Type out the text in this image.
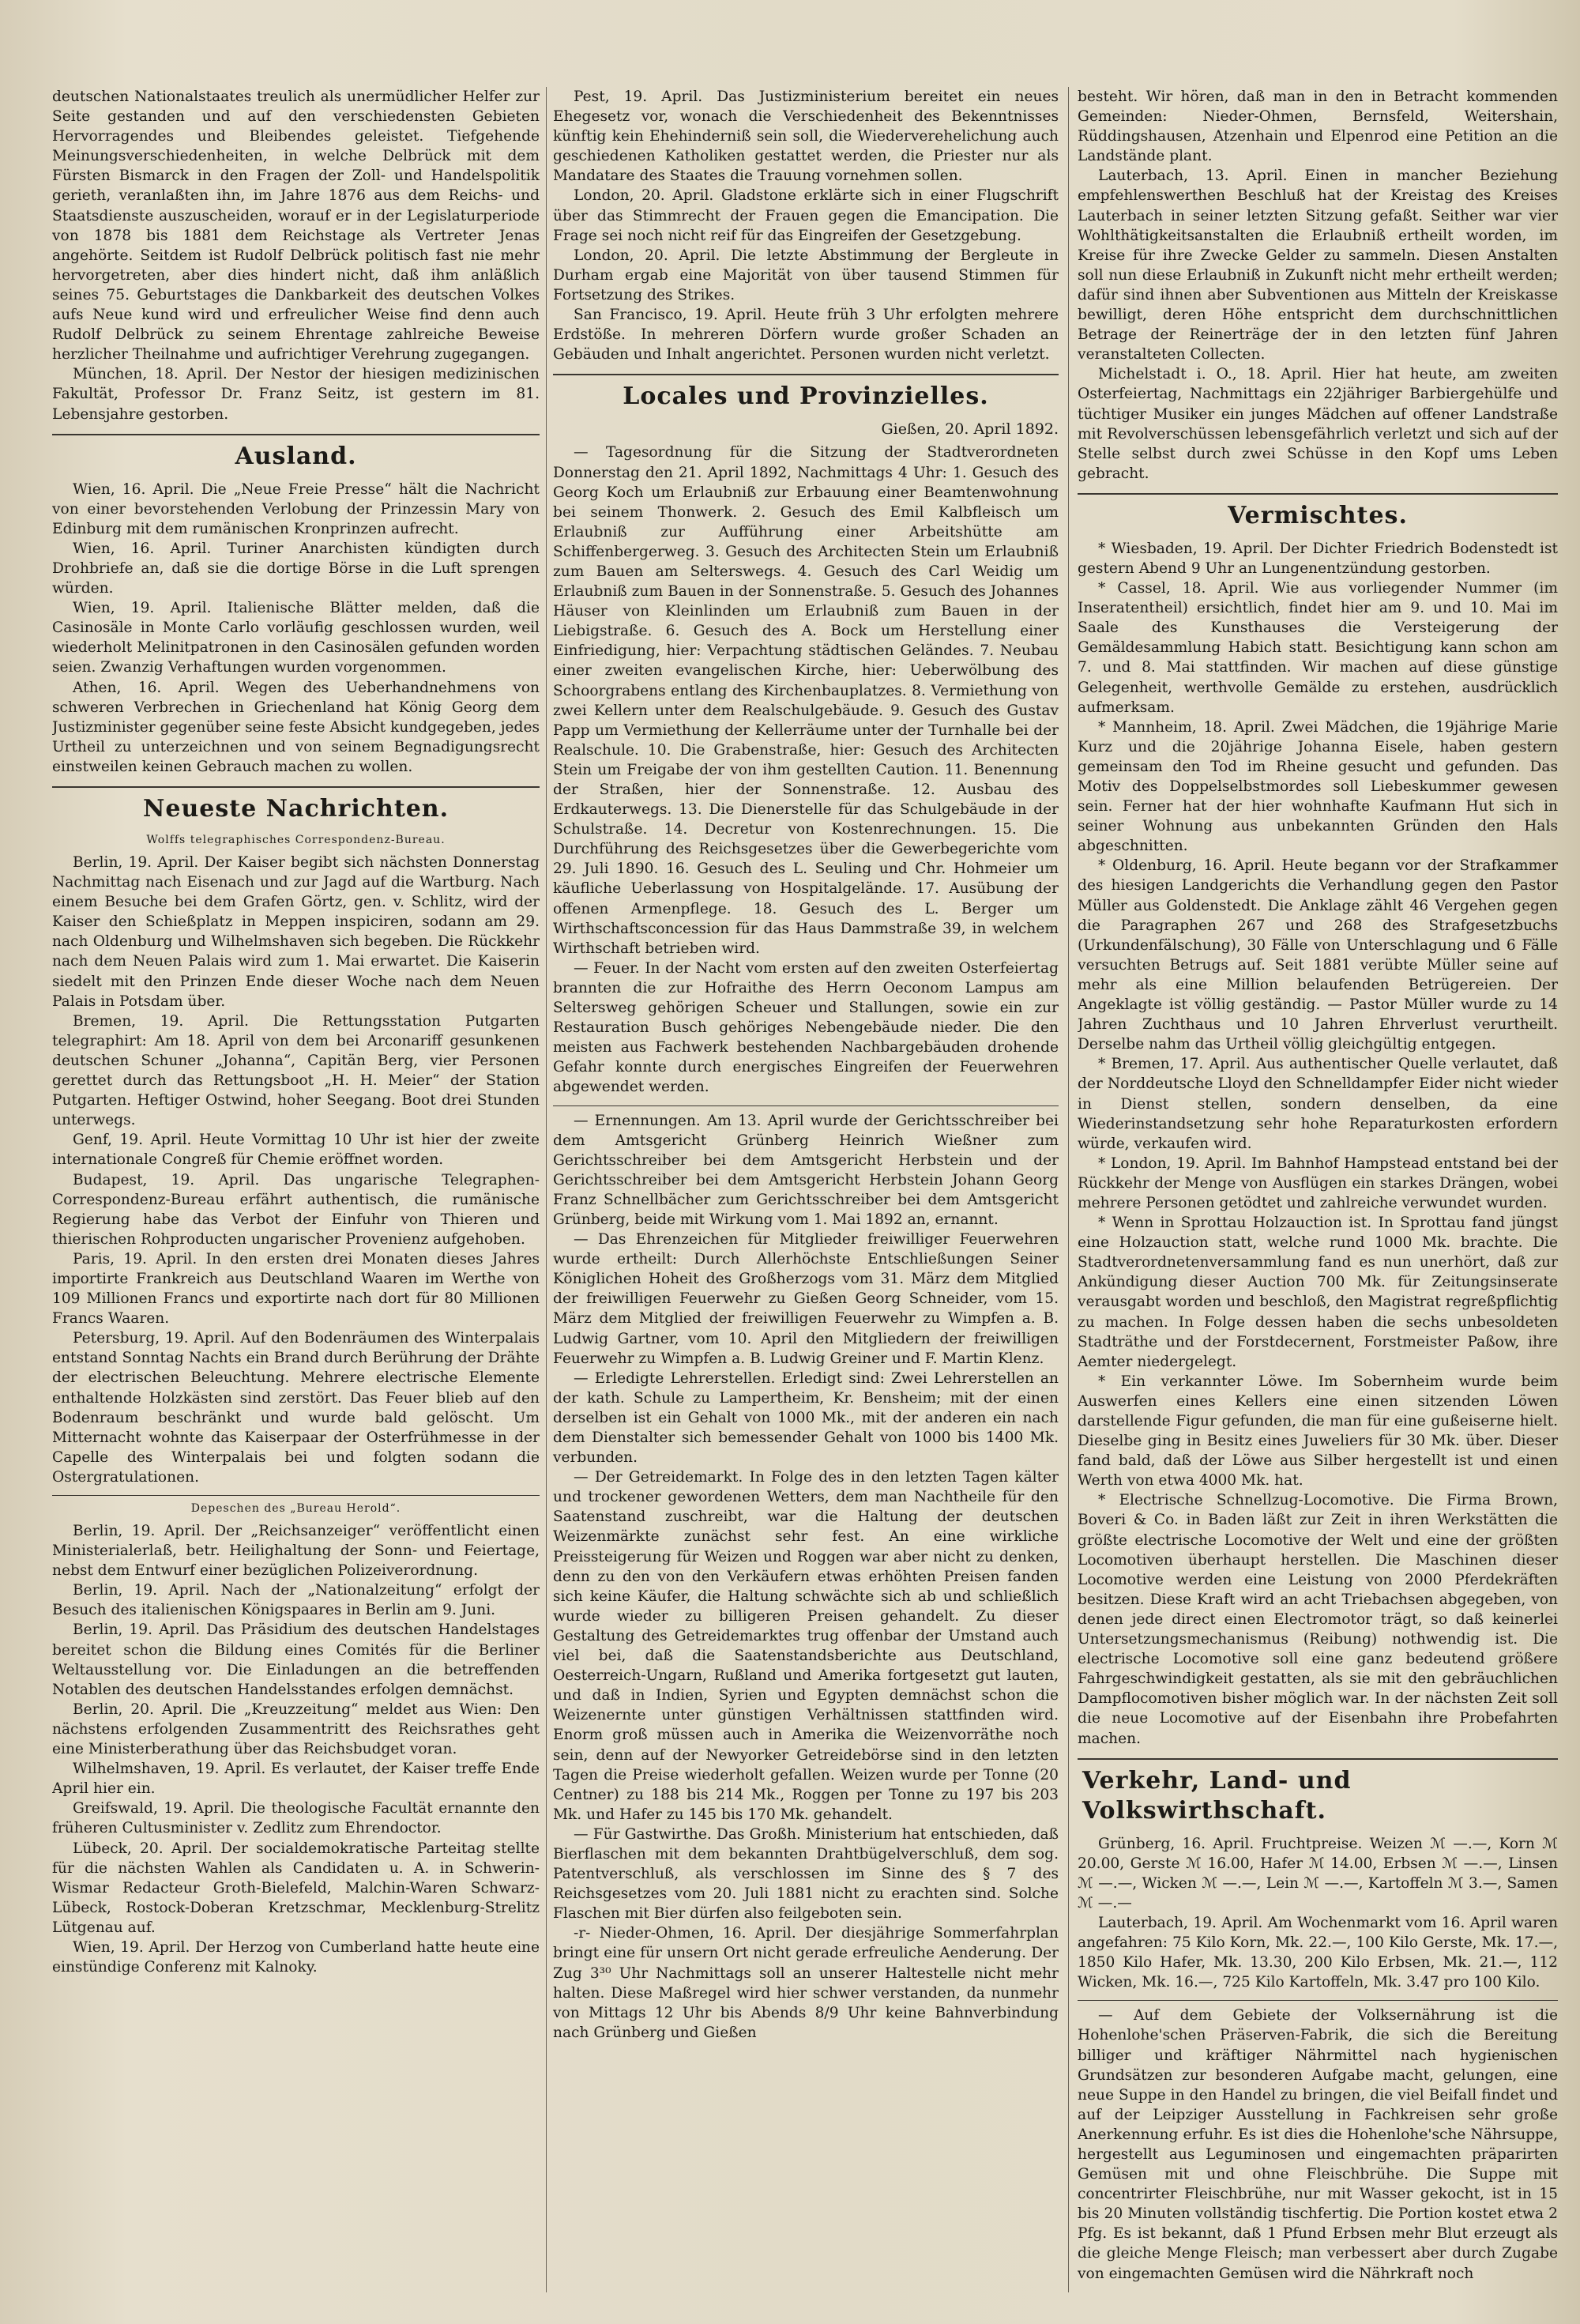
deutschen Nationalstaates treulich als unermüdlicher Helfer zur Seite gestanden und auf den verschiedensten Gebieten Hervorragendes und Bleibendes geleistet. Tiefgehende Meinungsverschiedenheiten, in welche Delbrück mit dem Fürsten Bismarck in den Fragen der Zoll- und Handelspolitik gerieth, veranlaßten ihn, im Jahre 1876 aus dem Reichs- und Staatsdienste auszuscheiden, worauf er in der Legislaturperiode von 1878 bis 1881 dem Reichstage als Vertreter Jenas angehörte. Seitdem ist Rudolf Delbrück politisch fast nie mehr hervorgetreten, aber dies hindert nicht, daß ihm anläßlich seines 75. Geburtstages die Dankbarkeit des deutschen Volkes aufs Neue kund wird und erfreulicher Weise find denn auch Rudolf Delbrück zu seinem Ehrentage zahlreiche Beweise herzlicher Theilnahme und aufrichtiger Verehrung zugegangen.

München, 18. April. Der Nestor der hiesigen medizinischen Fakultät, Professor Dr. Franz Seitz, ist gestern im 81. Lebensjahre gestorben.

Ausland.

Wien, 16. April. Die „Neue Freie Presse“ hält die Nachricht von einer bevorstehenden Verlobung der Prinzessin Mary von Edinburg mit dem rumänischen Kronprinzen aufrecht.

Wien, 16. April. Turiner Anarchisten kündigten durch Drohbriefe an, daß sie die dortige Börse in die Luft sprengen würden.

Wien, 19. April. Italienische Blätter melden, daß die Casinosäle in Monte Carlo vorläufig geschlossen wurden, weil wiederholt Melinitpatronen in den Casinosälen gefunden worden seien. Zwanzig Verhaftungen wurden vorgenommen.

Athen, 16. April. Wegen des Ueberhandnehmens von schweren Verbrechen in Griechenland hat König Georg dem Justizminister gegenüber seine feste Absicht kundgegeben, jedes Urtheil zu unterzeichnen und von seinem Begnadigungsrecht einstweilen keinen Gebrauch machen zu wollen.

Neueste Nachrichten.
Wolffs telegraphisches Correspondenz-Bureau.

Berlin, 19. April. Der Kaiser begibt sich nächsten Donnerstag Nachmittag nach Eisenach und zur Jagd auf die Wartburg. Nach einem Besuche bei dem Grafen Görtz, gen. v. Schlitz, wird der Kaiser den Schießplatz in Meppen inspiciren, sodann am 29. nach Oldenburg und Wilhelmshaven sich begeben. Die Rückkehr nach dem Neuen Palais wird zum 1. Mai erwartet. Die Kaiserin siedelt mit den Prinzen Ende dieser Woche nach dem Neuen Palais in Potsdam über.

Bremen, 19. April. Die Rettungsstation Putgarten telegraphirt: Am 18. April von dem bei Arconariff gesunkenen deutschen Schuner „Johanna“, Capitän Berg, vier Personen gerettet durch das Rettungsboot „H. H. Meier“ der Station Putgarten. Heftiger Ostwind, hoher Seegang. Boot drei Stunden unterwegs.

Genf, 19. April. Heute Vormittag 10 Uhr ist hier der zweite internationale Congreß für Chemie eröffnet worden.

Budapest, 19. April. Das ungarische Telegraphen-Correspondenz-Bureau erfährt authentisch, die rumänische Regierung habe das Verbot der Einfuhr von Thieren und thierischen Rohproducten ungarischer Provenienz aufgehoben.

Paris, 19. April. In den ersten drei Monaten dieses Jahres importirte Frankreich aus Deutschland Waaren im Werthe von 109 Millionen Francs und exportirte nach dort für 80 Millionen Francs Waaren.

Petersburg, 19. April. Auf den Bodenräumen des Winterpalais entstand Sonntag Nachts ein Brand durch Berührung der Drähte der electrischen Beleuchtung. Mehrere electrische Elemente enthaltende Holzkästen sind zerstört. Das Feuer blieb auf den Bodenraum beschränkt und wurde bald gelöscht. Um Mitternacht wohnte das Kaiserpaar der Osterfrühmesse in der Capelle des Winterpalais bei und folgten sodann die Ostergratulationen.

Depeschen des „Bureau Herold“.

Berlin, 19. April. Der „Reichsanzeiger“ veröffentlicht einen Ministerialerlaß, betr. Heilighaltung der Sonn- und Feiertage, nebst dem Entwurf einer bezüglichen Polizeiverordnung.

Berlin, 19. April. Nach der „Nationalzeitung“ erfolgt der Besuch des italienischen Königspaares in Berlin am 9. Juni.

Berlin, 19. April. Das Präsidium des deutschen Handelstages bereitet schon die Bildung eines Comités für die Berliner Weltausstellung vor. Die Einladungen an die betreffenden Notablen des deutschen Handelsstandes erfolgen demnächst.

Berlin, 20. April. Die „Kreuzzeitung“ meldet aus Wien: Den nächstens erfolgenden Zusammentritt des Reichsrathes geht eine Ministerberathung über das Reichsbudget voran.

Wilhelmshaven, 19. April. Es verlautet, der Kaiser treffe Ende April hier ein.

Greifswald, 19. April. Die theologische Facultät ernannte den früheren Cultusminister v. Zedlitz zum Ehrendoctor.

Lübeck, 20. April. Der socialdemokratische Parteitag stellte für die nächsten Wahlen als Candidaten u. A. in Schwerin-Wismar Redacteur Groth-Bielefeld, Malchin-Waren Schwarz-Lübeck, Rostock-Doberan Kretzschmar, Mecklenburg-Strelitz Lütgenau auf.

Wien, 19. April. Der Herzog von Cumberland hatte heute eine einstündige Conferenz mit Kalnoky.

Pest, 19. April. Das Justizministerium bereitet ein neues Ehegesetz vor, wonach die Verschiedenheit des Bekenntnisses künftig kein Ehehinderniß sein soll, die Wiederverehelichung auch geschiedenen Katholiken gestattet werden, die Priester nur als Mandatare des Staates die Trauung vornehmen sollen.

London, 20. April. Gladstone erklärte sich in einer Flugschrift über das Stimmrecht der Frauen gegen die Emancipation. Die Frage sei noch nicht reif für das Eingreifen der Gesetzgebung.

London, 20. April. Die letzte Abstimmung der Bergleute in Durham ergab eine Majorität von über tausend Stimmen für Fortsetzung des Strikes.

San Francisco, 19. April. Heute früh 3 Uhr erfolgten mehrere Erdstöße. In mehreren Dörfern wurde großer Schaden an Gebäuden und Inhalt angerichtet. Personen wurden nicht verletzt.

Locales und Provinzielles.
Gießen, 20. April 1892.

— Tagesordnung für die Sitzung der Stadtverordneten Donnerstag den 21. April 1892, Nachmittags 4 Uhr: 1. Gesuch des Georg Koch um Erlaubniß zur Erbauung einer Beamtenwohnung bei seinem Thonwerk. 2. Gesuch des Emil Kalbfleisch um Erlaubniß zur Aufführung einer Arbeitshütte am Schiffenbergerweg. 3. Gesuch des Architecten Stein um Erlaubniß zum Bauen am Selterswegs. 4. Gesuch des Carl Weidig um Erlaubniß zum Bauen in der Sonnenstraße. 5. Gesuch des Johannes Häuser von Kleinlinden um Erlaubniß zum Bauen in der Liebigstraße. 6. Gesuch des A. Bock um Herstellung einer Einfriedigung, hier: Verpachtung städtischen Geländes. 7. Neubau einer zweiten evangelischen Kirche, hier: Ueberwölbung des Schoorgrabens entlang des Kirchenbauplatzes. 8. Vermiethung von zwei Kellern unter dem Realschulgebäude. 9. Gesuch des Gustav Papp um Vermiethung der Kellerräume unter der Turnhalle bei der Realschule. 10. Die Grabenstraße, hier: Gesuch des Architecten Stein um Freigabe der von ihm gestellten Caution. 11. Benennung der Straßen, hier der Sonnenstraße. 12. Ausbau des Erdkauterwegs. 13. Die Dienerstelle für das Schulgebäude in der Schulstraße. 14. Decretur von Kostenrechnungen. 15. Die Durchführung des Reichsgesetzes über die Gewerbegerichte vom 29. Juli 1890. 16. Gesuch des L. Seuling und Chr. Hohmeier um käufliche Ueberlassung von Hospitalgelände. 17. Ausübung der offenen Armenpflege. 18. Gesuch des L. Berger um Wirthschaftsconcession für das Haus Dammstraße 39, in welchem Wirthschaft betrieben wird.

— Feuer. In der Nacht vom ersten auf den zweiten Osterfeiertag brannten die zur Hofraithe des Herrn Oeconom Lampus am Seltersweg gehörigen Scheuer und Stallungen, sowie ein zur Restauration Busch gehöriges Nebengebäude nieder. Die den meisten aus Fachwerk bestehenden Nachbargebäuden drohende Gefahr konnte durch energisches Eingreifen der Feuerwehren abgewendet werden.

— Ernennungen. Am 13. April wurde der Gerichtsschreiber bei dem Amtsgericht Grünberg Heinrich Wießner zum Gerichtsschreiber bei dem Amtsgericht Herbstein und der Gerichtsschreiber bei dem Amtsgericht Herbstein Johann Georg Franz Schnellbächer zum Gerichtsschreiber bei dem Amtsgericht Grünberg, beide mit Wirkung vom 1. Mai 1892 an, ernannt.

— Das Ehrenzeichen für Mitglieder freiwilliger Feuerwehren wurde ertheilt: Durch Allerhöchste Entschließungen Seiner Königlichen Hoheit des Großherzogs vom 31. März dem Mitglied der freiwilligen Feuerwehr zu Gießen Georg Schneider, vom 15. März dem Mitglied der freiwilligen Feuerwehr zu Wimpfen a. B. Ludwig Gartner, vom 10. April den Mitgliedern der freiwilligen Feuerwehr zu Wimpfen a. B. Ludwig Greiner und F. Martin Klenz.

— Erledigte Lehrerstellen. Erledigt sind: Zwei Lehrerstellen an der kath. Schule zu Lampertheim, Kr. Bensheim; mit der einen derselben ist ein Gehalt von 1000 Mk., mit der anderen ein nach dem Dienstalter sich bemessender Gehalt von 1000 bis 1400 Mk. verbunden.

— Der Getreidemarkt. In Folge des in den letzten Tagen kälter und trockener gewordenen Wetters, dem man Nachtheile für den Saatenstand zuschreibt, war die Haltung der deutschen Weizenmärkte zunächst sehr fest. An eine wirkliche Preissteigerung für Weizen und Roggen war aber nicht zu denken, denn zu den von den Verkäufern etwas erhöhten Preisen fanden sich keine Käufer, die Haltung schwächte sich ab und schließlich wurde wieder zu billigeren Preisen gehandelt. Zu dieser Gestaltung des Getreidemarktes trug offenbar der Umstand auch viel bei, daß die Saatenstandsberichte aus Deutschland, Oesterreich-Ungarn, Rußland und Amerika fortgesetzt gut lauten, und daß in Indien, Syrien und Egypten demnächst schon die Weizenernte unter günstigen Verhältnissen stattfinden wird. Enorm groß müssen auch in Amerika die Weizenvorräthe noch sein, denn auf der Newyorker Getreidebörse sind in den letzten Tagen die Preise wiederholt gefallen. Weizen wurde per Tonne (20 Centner) zu 188 bis 214 Mk., Roggen per Tonne zu 197 bis 203 Mk. und Hafer zu 145 bis 170 Mk. gehandelt.

— Für Gastwirthe. Das Großh. Ministerium hat entschieden, daß Bierflaschen mit dem bekannten Drahtbügelverschluß, dem sog. Patentverschluß, als verschlossen im Sinne des § 7 des Reichsgesetzes vom 20. Juli 1881 nicht zu erachten sind. Solche Flaschen mit Bier dürfen also feilgeboten sein.

-r- Nieder-Ohmen, 16. April. Der diesjährige Sommerfahrplan bringt eine für unsern Ort nicht gerade erfreuliche Aenderung. Der Zug 3³⁰ Uhr Nachmittags soll an unserer Haltestelle nicht mehr halten. Diese Maßregel wird hier schwer verstanden, da nunmehr von Mittags 12 Uhr bis Abends 8/9 Uhr keine Bahnverbindung nach Grünberg und Gießen

besteht. Wir hören, daß man in den in Betracht kommenden Gemeinden: Nieder-Ohmen, Bernsfeld, Weitershain, Rüddingshausen, Atzenhain und Elpenrod eine Petition an die Landstände plant.

Lauterbach, 13. April. Einen in mancher Beziehung empfehlenswerthen Beschluß hat der Kreistag des Kreises Lauterbach in seiner letzten Sitzung gefaßt. Seither war vier Wohlthätigkeitsanstalten die Erlaubniß ertheilt worden, im Kreise für ihre Zwecke Gelder zu sammeln. Diesen Anstalten soll nun diese Erlaubniß in Zukunft nicht mehr ertheilt werden; dafür sind ihnen aber Subventionen aus Mitteln der Kreiskasse bewilligt, deren Höhe entspricht dem durchschnittlichen Betrage der Reinerträge der in den letzten fünf Jahren veranstalteten Collecten.

Michelstadt i. O., 18. April. Hier hat heute, am zweiten Osterfeiertag, Nachmittags ein 22jähriger Barbiergehülfe und tüchtiger Musiker ein junges Mädchen auf offener Landstraße mit Revolverschüssen lebensgefährlich verletzt und sich auf der Stelle selbst durch zwei Schüsse in den Kopf ums Leben gebracht.

Vermischtes.

* Wiesbaden, 19. April. Der Dichter Friedrich Bodenstedt ist gestern Abend 9 Uhr an Lungenentzündung gestorben.

* Cassel, 18. April. Wie aus vorliegender Nummer (im Inseratentheil) ersichtlich, findet hier am 9. und 10. Mai im Saale des Kunsthauses die Versteigerung der Gemäldesammlung Habich statt. Besichtigung kann schon am 7. und 8. Mai stattfinden. Wir machen auf diese günstige Gelegenheit, werthvolle Gemälde zu erstehen, ausdrücklich aufmerksam.

* Mannheim, 18. April. Zwei Mädchen, die 19jährige Marie Kurz und die 20jährige Johanna Eisele, haben gestern gemeinsam den Tod im Rheine gesucht und gefunden. Das Motiv des Doppelselbstmordes soll Liebeskummer gewesen sein. Ferner hat der hier wohnhafte Kaufmann Hut sich in seiner Wohnung aus unbekannten Gründen den Hals abgeschnitten.

* Oldenburg, 16. April. Heute begann vor der Strafkammer des hiesigen Landgerichts die Verhandlung gegen den Pastor Müller aus Goldenstedt. Die Anklage zählt 46 Vergehen gegen die Paragraphen 267 und 268 des Strafgesetzbuchs (Urkundenfälschung), 30 Fälle von Unterschlagung und 6 Fälle versuchten Betrugs auf. Seit 1881 verübte Müller seine auf mehr als eine Million belaufenden Betrügereien. Der Angeklagte ist völlig geständig. — Pastor Müller wurde zu 14 Jahren Zuchthaus und 10 Jahren Ehrverlust verurtheilt. Derselbe nahm das Urtheil völlig gleichgültig entgegen.

* Bremen, 17. April. Aus authentischer Quelle verlautet, daß der Norddeutsche Lloyd den Schnelldampfer Eider nicht wieder in Dienst stellen, sondern denselben, da eine Wiederinstandsetzung sehr hohe Reparaturkosten erfordern würde, verkaufen wird.

* London, 19. April. Im Bahnhof Hampstead entstand bei der Rückkehr der Menge von Ausflügen ein starkes Drängen, wobei mehrere Personen getödtet und zahlreiche verwundet wurden.

* Wenn in Sprottau Holzauction ist. In Sprottau fand jüngst eine Holzauction statt, welche rund 1000 Mk. brachte. Die Stadtverordnetenversammlung fand es nun unerhört, daß zur Ankündigung dieser Auction 700 Mk. für Zeitungsinserate verausgabt worden und beschloß, den Magistrat regreßpflichtig zu machen. In Folge dessen haben die sechs unbesoldeten Stadträthe und der Forstdecernent, Forstmeister Paßow, ihre Aemter niedergelegt.

* Ein verkannter Löwe. Im Sobernheim wurde beim Auswerfen eines Kellers eine einen sitzenden Löwen darstellende Figur gefunden, die man für eine gußeiserne hielt. Dieselbe ging in Besitz eines Juweliers für 30 Mk. über. Dieser fand bald, daß der Löwe aus Silber hergestellt ist und einen Werth von etwa 4000 Mk. hat.

* Electrische Schnellzug-Locomotive. Die Firma Brown, Boveri & Co. in Baden läßt zur Zeit in ihren Werkstätten die größte electrische Locomotive der Welt und eine der größten Locomotiven überhaupt herstellen. Die Maschinen dieser Locomotive werden eine Leistung von 2000 Pferdekräften besitzen. Diese Kraft wird an acht Triebachsen abgegeben, von denen jede direct einen Electromotor trägt, so daß keinerlei Untersetzungsmechanismus (Reibung) nothwendig ist. Die electrische Locomotive soll eine ganz bedeutend größere Fahrgeschwindigkeit gestatten, als sie mit den gebräuchlichen Dampflocomotiven bisher möglich war. In der nächsten Zeit soll die neue Locomotive auf der Eisenbahn ihre Probefahrten machen.

Verkehr, Land- und Volkswirthschaft.

Grünberg, 16. April. Fruchtpreise. Weizen ℳ —.—, Korn ℳ 20.00, Gerste ℳ 16.00, Hafer ℳ 14.00, Erbsen ℳ —.—, Linsen ℳ —.—, Wicken ℳ —.—, Lein ℳ —.—, Kartoffeln ℳ 3.—, Samen ℳ —.—

Lauterbach, 19. April. Am Wochenmarkt vom 16. April waren angefahren: 75 Kilo Korn, Mk. 22.—, 100 Kilo Gerste, Mk. 17.—, 1850 Kilo Hafer, Mk. 13.30, 200 Kilo Erbsen, Mk. 21.—, 112 Wicken, Mk. 16.—, 725 Kilo Kartoffeln, Mk. 3.47 pro 100 Kilo.

— Auf dem Gebiete der Volksernährung ist die Hohenlohe'schen Präserven-Fabrik, die sich die Bereitung billiger und kräftiger Nährmittel nach hygienischen Grundsätzen zur besonderen Aufgabe macht, gelungen, eine neue Suppe in den Handel zu bringen, die viel Beifall findet und auf der Leipziger Ausstellung in Fachkreisen sehr große Anerkennung erfuhr. Es ist dies die Hohenlohe'sche Nährsuppe, hergestellt aus Leguminosen und eingemachten präparirten Gemüsen mit und ohne Fleischbrühe. Die Suppe mit concentrirter Fleischbrühe, nur mit Wasser gekocht, ist in 15 bis 20 Minuten vollständig tischfertig. Die Portion kostet etwa 2 Pfg. Es ist bekannt, daß 1 Pfund Erbsen mehr Blut erzeugt als die gleiche Menge Fleisch; man verbessert aber durch Zugabe von eingemachten Gemüsen wird die Nährkraft noch
